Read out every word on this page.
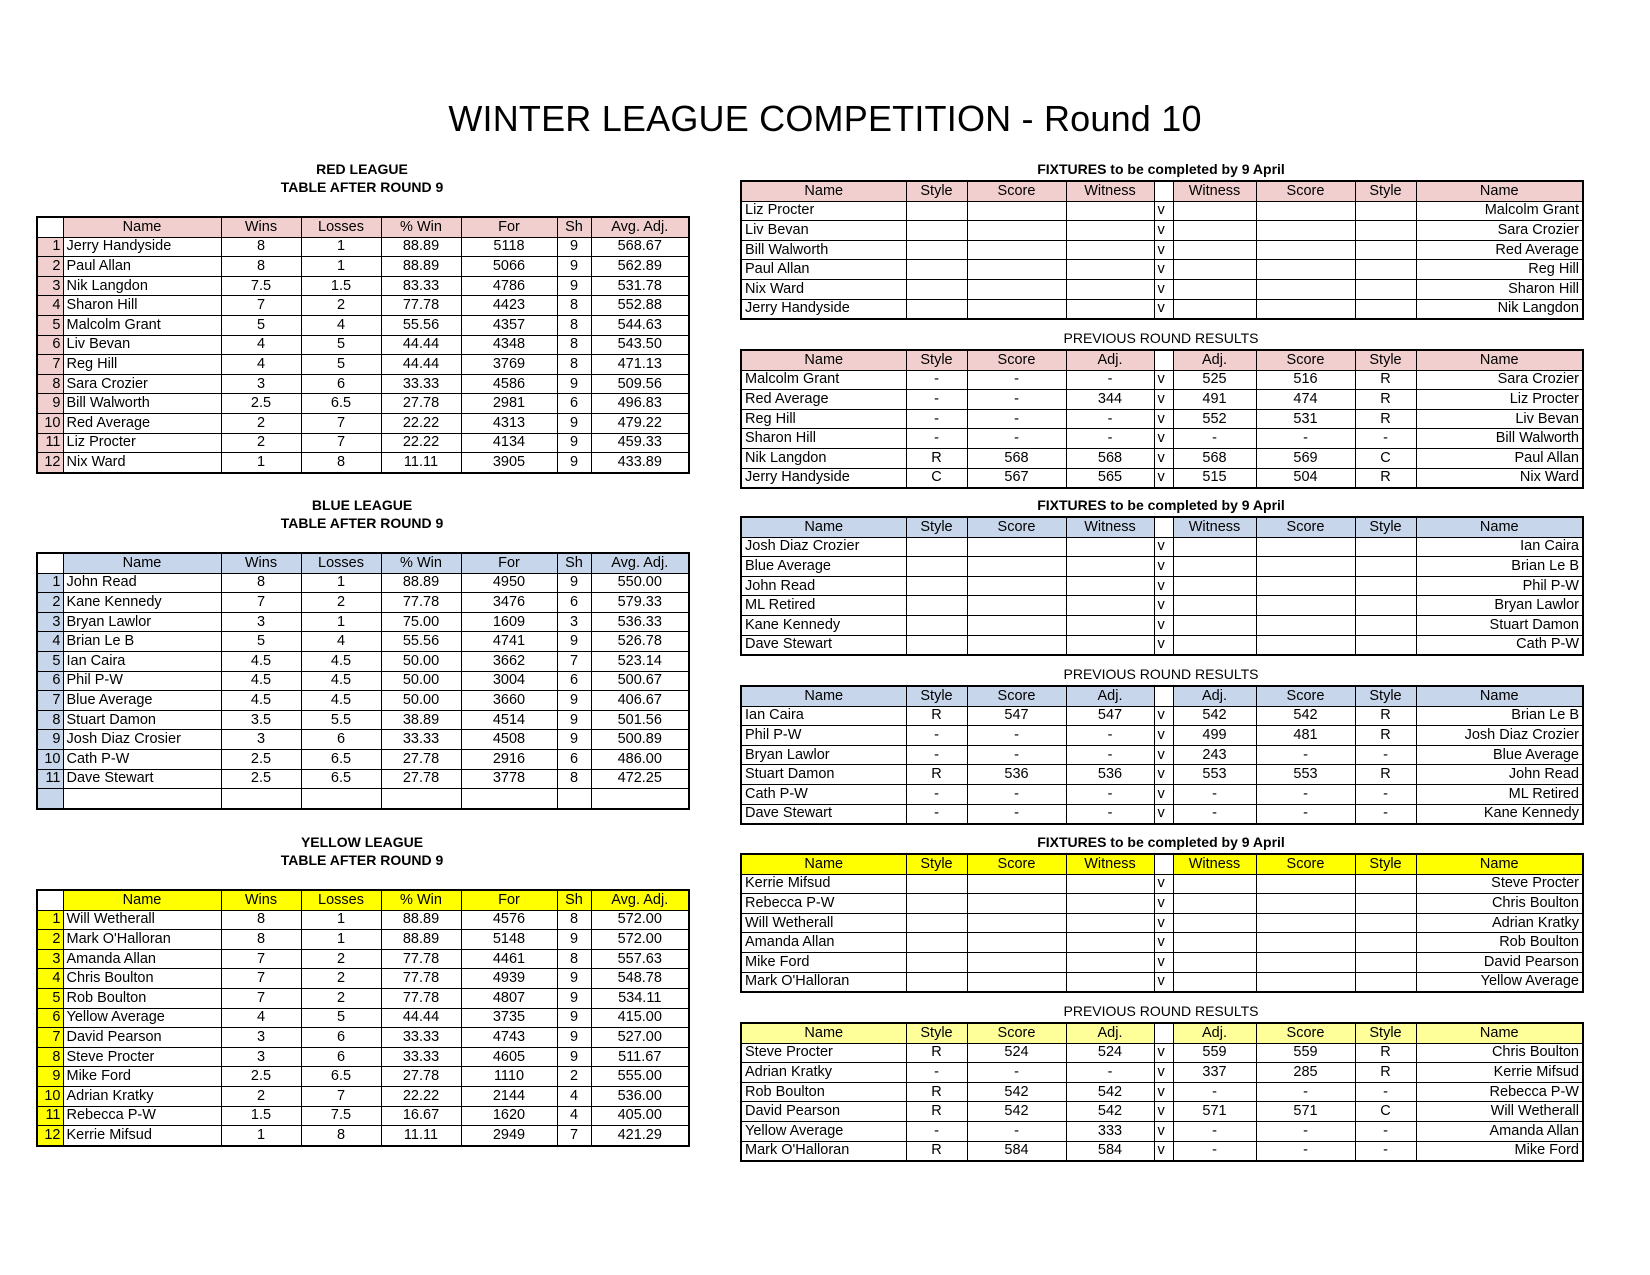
WINTER LEAGUE COMPETITION - Round 10
RED LEAGUE
TABLE AFTER ROUND 9
FIXTURES to be completed by 9 April
	Name	Wins	Losses	% Win	For	Sh	Avg. Adj.
1	Jerry Handyside	8	1	88.89	5118	9	568.67
2	Paul Allan	8	1	88.89	5066	9	562.89
3	Nik Langdon	7.5	1.5	83.33	4786	9	531.78
4	Sharon Hill	7	2	77.78	4423	8	552.88
5	Malcolm Grant	5	4	55.56	4357	8	544.63
6	Liv Bevan	4	5	44.44	4348	8	543.50
7	Reg Hill	4	5	44.44	3769	8	471.13
8	Sara Crozier	3	6	33.33	4586	9	509.56
9	Bill Walworth	2.5	6.5	27.78	2981	6	496.83
10	Red Average	2	7	22.22	4313	9	479.22
11	Liz Procter	2	7	22.22	4134	9	459.33
12	Nix Ward	1	8	11.11	3905	9	433.89
Name	Style	Score	Witness		Witness	Score	Style	Name
Liz Procter				v				Malcolm Grant
Liv Bevan				v				Sara Crozier
Bill Walworth				v				Red Average
Paul Allan				v				Reg Hill
Nix Ward				v				Sharon Hill
Jerry Handyside				v				Nik Langdon
PREVIOUS ROUND RESULTS
Name	Style	Score	Adj.		Adj.	Score	Style	Name
Malcolm Grant	-	-	-	v	525	516	R	Sara Crozier
Red Average	-	-	344	v	491	474	R	Liz Procter
Reg Hill	-	-	-	v	552	531	R	Liv Bevan
Sharon Hill	-	-	-	v	-	-	-	Bill Walworth
Nik Langdon	R	568	568	v	568	569	C	Paul Allan
Jerry Handyside	C	567	565	v	515	504	R	Nix Ward
BLUE LEAGUE
TABLE AFTER ROUND 9
FIXTURES to be completed by 9 April
	Name	Wins	Losses	% Win	For	Sh	Avg. Adj.
1	John Read	8	1	88.89	4950	9	550.00
2	Kane Kennedy	7	2	77.78	3476	6	579.33
3	Bryan Lawlor	3	1	75.00	1609	3	536.33
4	Brian Le B	5	4	55.56	4741	9	526.78
5	Ian Caira	4.5	4.5	50.00	3662	7	523.14
6	Phil P-W	4.5	4.5	50.00	3004	6	500.67
7	Blue Average	4.5	4.5	50.00	3660	9	406.67
8	Stuart Damon	3.5	5.5	38.89	4514	9	501.56
9	Josh Diaz Crosier	3	6	33.33	4508	9	500.89
10	Cath P-W	2.5	6.5	27.78	2916	6	486.00
11	Dave Stewart	2.5	6.5	27.78	3778	8	472.25

Name	Style	Score	Witness		Witness	Score	Style	Name
Josh Diaz Crozier				v				Ian Caira
Blue Average				v				Brian Le B
John Read				v				Phil P-W
ML Retired				v				Bryan Lawlor
Kane Kennedy				v				Stuart Damon
Dave Stewart				v				Cath P-W
PREVIOUS ROUND RESULTS
Name	Style	Score	Adj.		Adj.	Score	Style	Name
Ian Caira	R	547	547	v	542	542	R	Brian Le B
Phil P-W	-	-	-	v	499	481	R	Josh Diaz Crozier
Bryan Lawlor	-	-	-	v	243	-	-	Blue Average
Stuart Damon	R	536	536	v	553	553	R	John Read
Cath P-W	-	-	-	v	-	-	-	ML Retired
Dave Stewart	-	-	-	v	-	-	-	Kane Kennedy
YELLOW LEAGUE
TABLE AFTER ROUND 9
FIXTURES to be completed by 9 April
	Name	Wins	Losses	% Win	For	Sh	Avg. Adj.
1	Will Wetherall	8	1	88.89	4576	8	572.00
2	Mark O'Halloran	8	1	88.89	5148	9	572.00
3	Amanda Allan	7	2	77.78	4461	8	557.63
4	Chris Boulton	7	2	77.78	4939	9	548.78
5	Rob Boulton	7	2	77.78	4807	9	534.11
6	Yellow Average	4	5	44.44	3735	9	415.00
7	David Pearson	3	6	33.33	4743	9	527.00
8	Steve Procter	3	6	33.33	4605	9	511.67
9	Mike Ford	2.5	6.5	27.78	1110	2	555.00
10	Adrian Kratky	2	7	22.22	2144	4	536.00
11	Rebecca P-W	1.5	7.5	16.67	1620	4	405.00
12	Kerrie Mifsud	1	8	11.11	2949	7	421.29
Name	Style	Score	Witness		Witness	Score	Style	Name
Kerrie Mifsud				v				Steve Procter
Rebecca P-W				v				Chris Boulton
Will Wetherall				v				Adrian Kratky
Amanda Allan				v				Rob Boulton
Mike Ford				v				David Pearson
Mark O'Halloran				v				Yellow Average
PREVIOUS ROUND RESULTS
Name	Style	Score	Adj.		Adj.	Score	Style	Name
Steve Procter	R	524	524	v	559	559	R	Chris Boulton
Adrian Kratky	-	-	-	v	337	285	R	Kerrie Mifsud
Rob Boulton	R	542	542	v	-	-	-	Rebecca P-W
David Pearson	R	542	542	v	571	571	C	Will Wetherall
Yellow Average	-	-	333	v	-	-	-	Amanda Allan
Mark O'Halloran	R	584	584	v	-	-	-	Mike Ford
